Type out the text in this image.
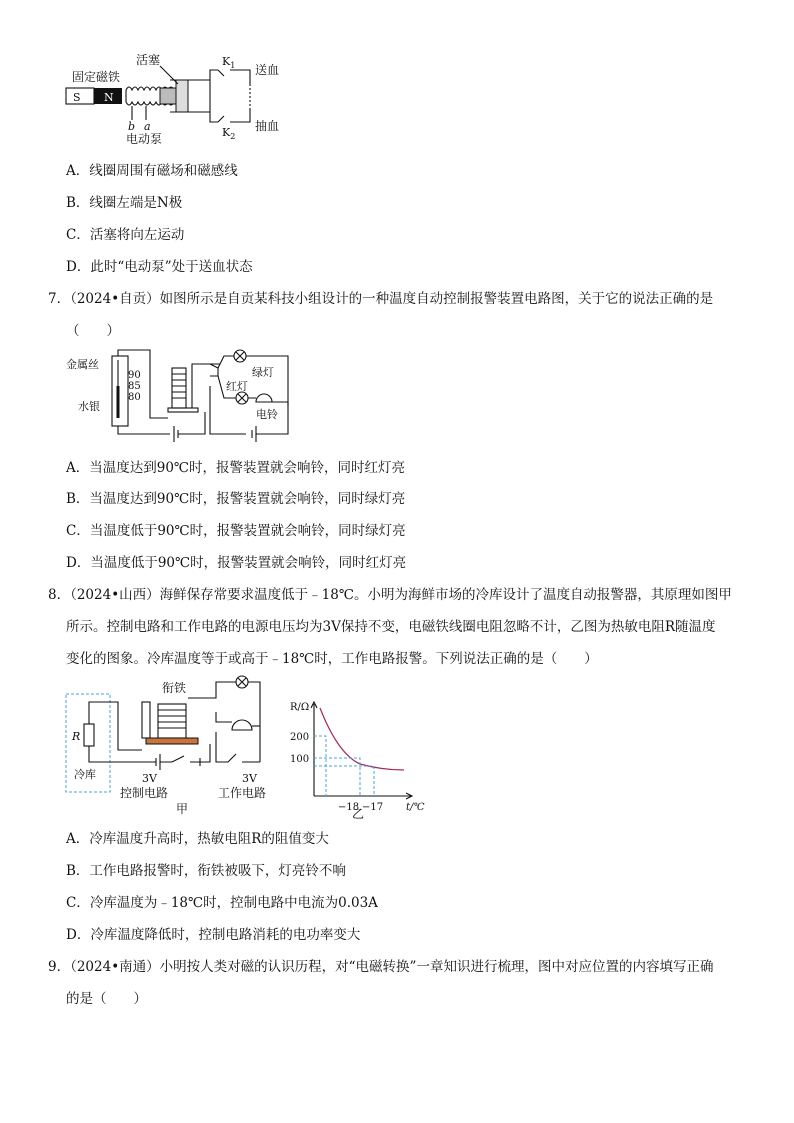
固定磁铁
S N
活塞	$K_1$
$K_2$
送血
抽血
b a
电动泵
A．线圈周围有磁场和磁感线
B．线圈左端是N极
C．活塞将向左运动
D．此时“电动泵”处于送血状态
7．（2024•自贡）如图所示是自贡某科技小组设计的一种温度自动控制报警装置电路图，关于它的说法正确的是
（　　）
金属丝
水银
90
85
80
绿灯
红灯
电铃
A．当温度达到90℃时，报警装置就会响铃，同时红灯亮
B．当温度达到90℃时，报警装置就会响铃，同时绿灯亮
C．当温度低于90℃时，报警装置就会响铃，同时绿灯亮
D．当温度低于90℃时，报警装置就会响铃，同时红灯亮
8．（2024•山西）海鲜保存常要求温度低于﹣18℃。小明为海鲜市场的冷库设计了温度自动报警器，其原理如图甲
所示。控制电路和工作电路的电源电压均为3V保持不变，电磁铁线圈电阻忽略不计，乙图为热敏电阻R随温度
变化的图象。冷库温度等于或高于﹣18℃时，工作电路报警。下列说法正确的是（　　）
R
冷库
衔铁
3V	3V
控制电路	工作电路
甲
R/Ω
200
100
−18 −17 t/℃
乙
A．冷库温度升高时，热敏电阻R的阻值变大
B．工作电路报警时，衔铁被吸下，灯亮铃不响
C．冷库温度为﹣18℃时，控制电路中电流为0.03A
D．冷库温度降低时，控制电路消耗的电功率变大
9．（2024•南通）小明按人类对磁的认识历程，对“电磁转换”一章知识进行梳理，图中对应位置的内容填写正确
的是（　　）
